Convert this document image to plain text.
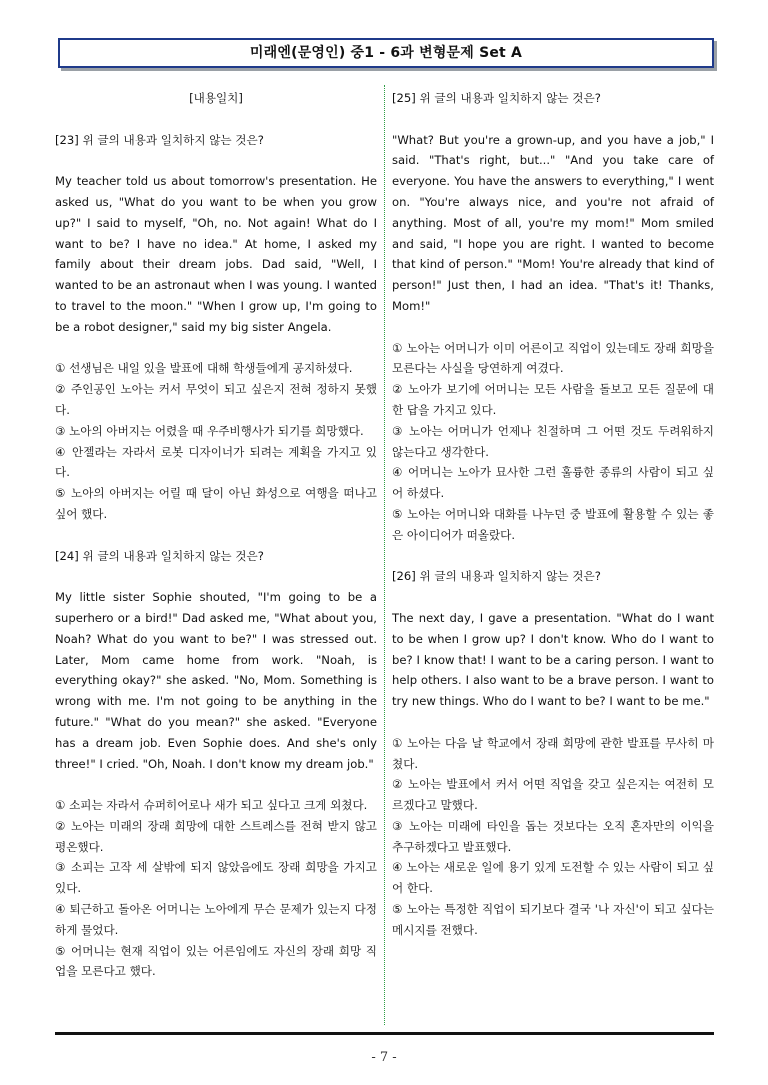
미래엔(문영인) 중1 - 6과 변형문제 Set A
[내용일치]
[23] 위 글의 내용과 일치하지 않는 것은?
My teacher told us about tomorrow's presentation. He asked us, "What do you want to be when you grow up?" I said to myself, "Oh, no. Not again! What do I want to be? I have no idea." At home, I asked my family about their dream jobs. Dad said, "Well, I wanted to be an astronaut when I was young. I wanted to travel to the moon." "When I grow up, I'm going to be a robot designer," said my big sister Angela.

① 선생님은 내일 있을 발표에 대해 학생들에게 공지하셨다.

② 주인공인 노아는 커서 무엇이 되고 싶은지 전혀 정하지 못했다.

③ 노아의 아버지는 어렸을 때 우주비행사가 되기를 희망했다.

④ 안젤라는 자라서 로봇 디자이너가 되려는 계획을 가지고 있다.

⑤ 노아의 아버지는 어릴 때 달이 아닌 화성으로 여행을 떠나고 싶어 했다.

[24] 위 글의 내용과 일치하지 않는 것은?
My little sister Sophie shouted, "I'm going to be a superhero or a bird!" Dad asked me, "What about you, Noah? What do you want to be?" I was stressed out. Later, Mom came home from work. "Noah, is everything okay?" she asked. "No, Mom. Something is wrong with me. I'm not going to be anything in the future." "What do you mean?" she asked. "Everyone has a dream job. Even Sophie does. And she's only three!" I cried. "Oh, Noah. I don't know my dream job."

① 소피는 자라서 슈퍼히어로나 새가 되고 싶다고 크게 외쳤다.

② 노아는 미래의 장래 희망에 대한 스트레스를 전혀 받지 않고 평온했다.

③ 소피는 고작 세 살밖에 되지 않았음에도 장래 희망을 가지고 있다.

④ 퇴근하고 돌아온 어머니는 노아에게 무슨 문제가 있는지 다정하게 물었다.

⑤ 어머니는 현재 직업이 있는 어른임에도 자신의 장래 희망 직업을 모른다고 했다.

[25] 위 글의 내용과 일치하지 않는 것은?
"What? But you're a grown-up, and you have a job," I said. "That's right, but..." "And you take care of everyone. You have the answers to everything," I went on. "You're always nice, and you're not afraid of anything. Most of all, you're my mom!" Mom smiled and said, "I hope you are right. I wanted to become that kind of person." "Mom! You're already that kind of person!" Just then, I had an idea. "That's it! Thanks, Mom!"

① 노아는 어머니가 이미 어른이고 직업이 있는데도 장래 희망을 모른다는 사실을 당연하게 여겼다.

② 노아가 보기에 어머니는 모든 사람을 돌보고 모든 질문에 대한 답을 가지고 있다.

③ 노아는 어머니가 언제나 친절하며 그 어떤 것도 두려워하지 않는다고 생각한다.

④ 어머니는 노아가 묘사한 그런 훌륭한 종류의 사람이 되고 싶어 하셨다.

⑤ 노아는 어머니와 대화를 나누던 중 발표에 활용할 수 있는 좋은 아이디어가 떠올랐다.

[26] 위 글의 내용과 일치하지 않는 것은?
The next day, I gave a presentation. "What do I want to be when I grow up? I don't know. Who do I want to be? I know that! I want to be a caring person. I want to help others. I also want to be a brave person. I want to try new things. Who do I want to be? I want to be me."

① 노아는 다음 날 학교에서 장래 희망에 관한 발표를 무사히 마쳤다.

② 노아는 발표에서 커서 어떤 직업을 갖고 싶은지는 여전히 모르겠다고 말했다.

③ 노아는 미래에 타인을 돕는 것보다는 오직 혼자만의 이익을 추구하겠다고 발표했다.

④ 노아는 새로운 일에 용기 있게 도전할 수 있는 사람이 되고 싶어 한다.

⑤ 노아는 특정한 직업이 되기보다 결국 '나 자신'이 되고 싶다는 메시지를 전했다.

- 7 -
